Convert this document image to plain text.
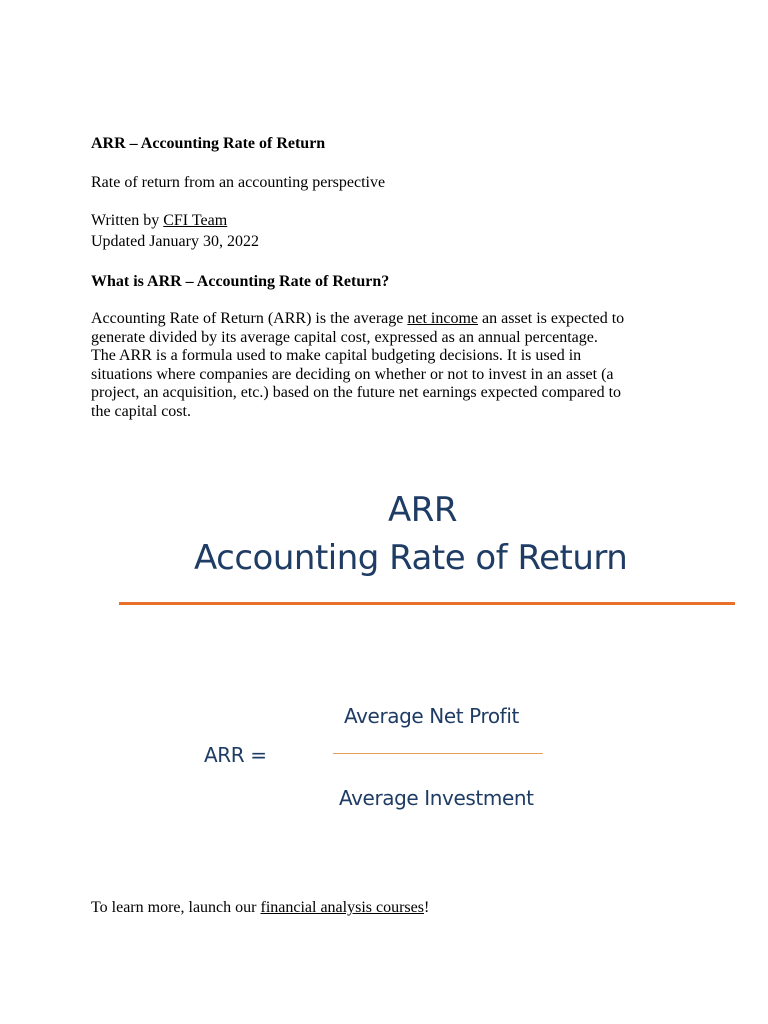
ARR – Accounting Rate of Return
Rate of return from an accounting perspective
Written by CFI Team
Updated January 30, 2022
What is ARR – Accounting Rate of Return?

Accounting Rate of Return (ARR) is the average net income an asset is expected to
generate divided by its average capital cost, expressed as an annual percentage.
The ARR is a formula used to make capital budgeting decisions. It is used in
situations where companies are deciding on whether or not to invest in an asset (a
project, an acquisition, etc.) based on the future net earnings expected compared to
the capital cost.

ARR
Accounting Rate of Return
Average Net Profit
ARR =
Average Investment
To learn more, launch our financial analysis courses!
